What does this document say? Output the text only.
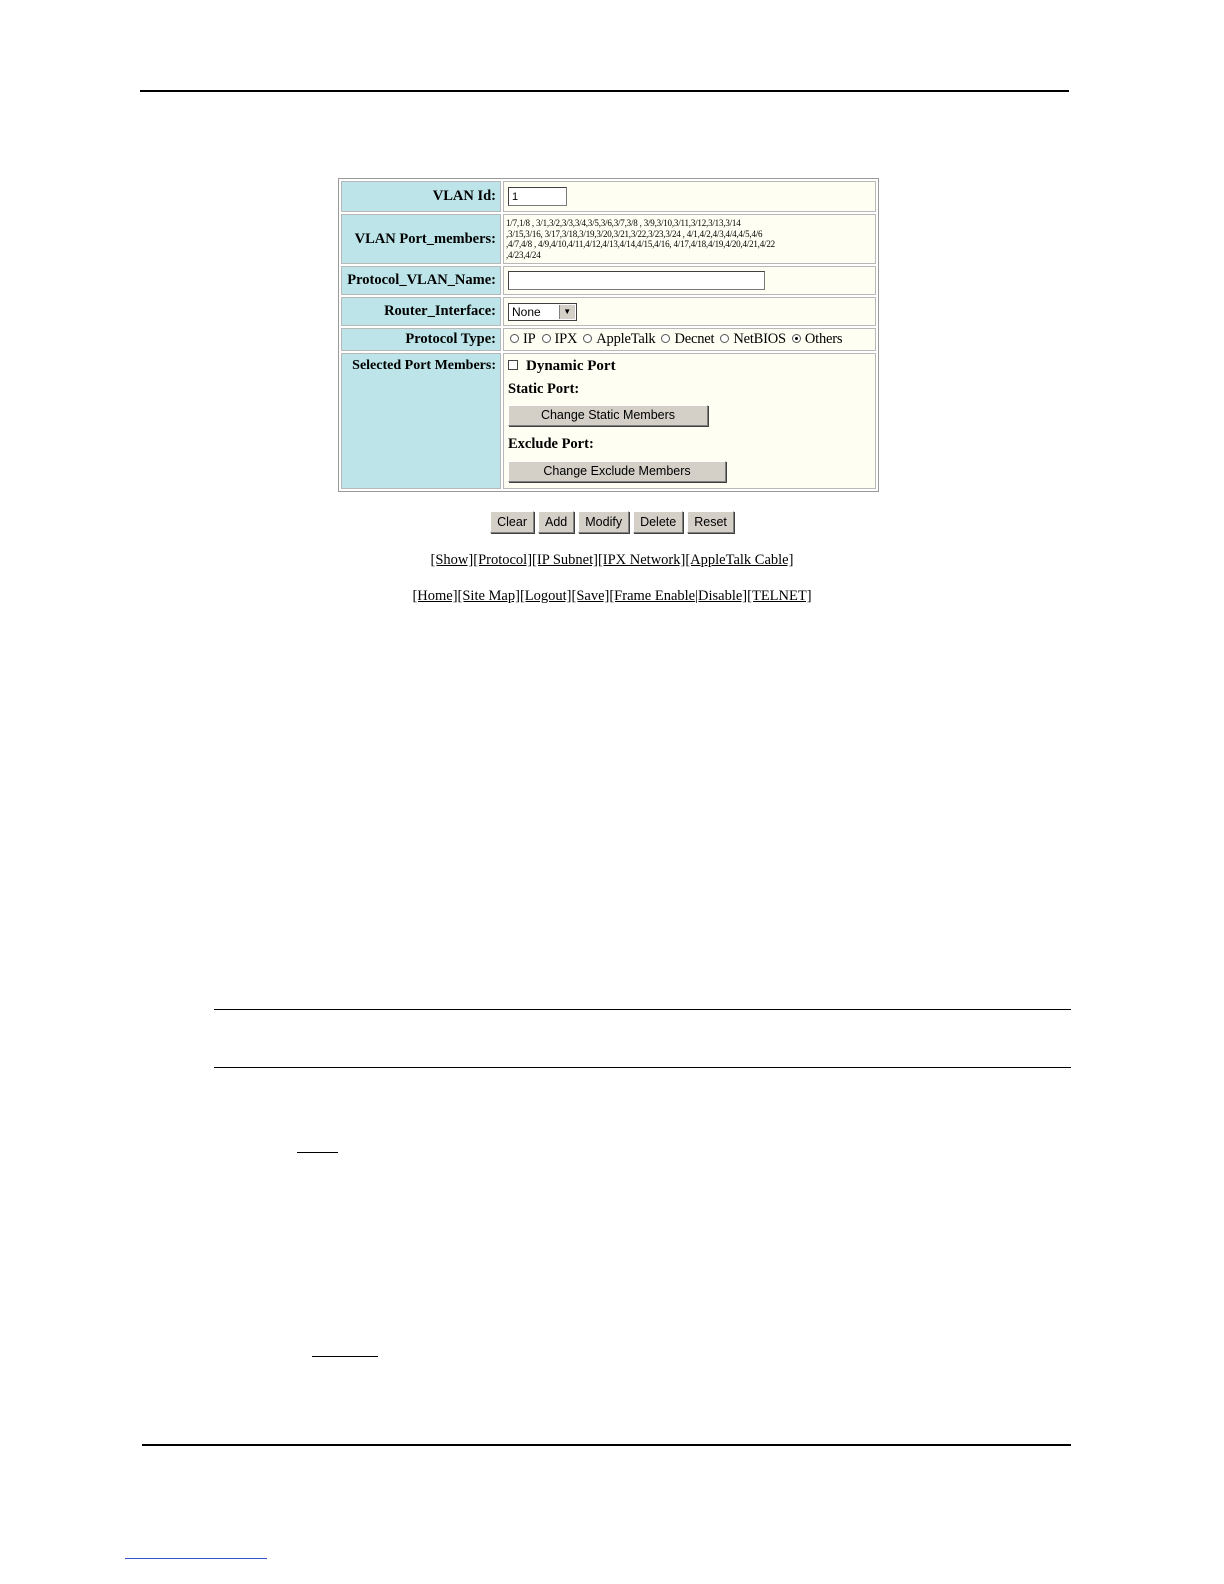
VLAN Id:	1
VLAN Port_members:	1/7,1/8 , 3/1,3/2,3/3,3/4,3/5,3/6,3/7,3/8 , 3/9,3/10,3/11,3/12,3/13,3/14
,3/15,3/16, 3/17,3/18,3/19,3/20,3/21,3/22,3/23,3/24 , 4/1,4/2,4/3,4/4,4/5,4/6
,4/7,4/8 , 4/9,4/10,4/11,4/12,4/13,4/14,4/15,4/16, 4/17,4/18,4/19,4/20,4/21,4/22
,4/23,4/24

Protocol_VLAN_Name:	
Router_Interface:	None ▼

Protocol Type:	IP IPX AppleTalk Decnet NetBIOS Others
Selected Port Members:	Dynamic Port
Static Port:
Change Static Members
Exclude Port:
Change Exclude Members
Clear Add Modify Delete Reset
[Show][Protocol][IP Subnet][IPX Network][AppleTalk Cable]
[Home][Site Map][Logout][Save][Frame Enable|Disable][TELNET]
